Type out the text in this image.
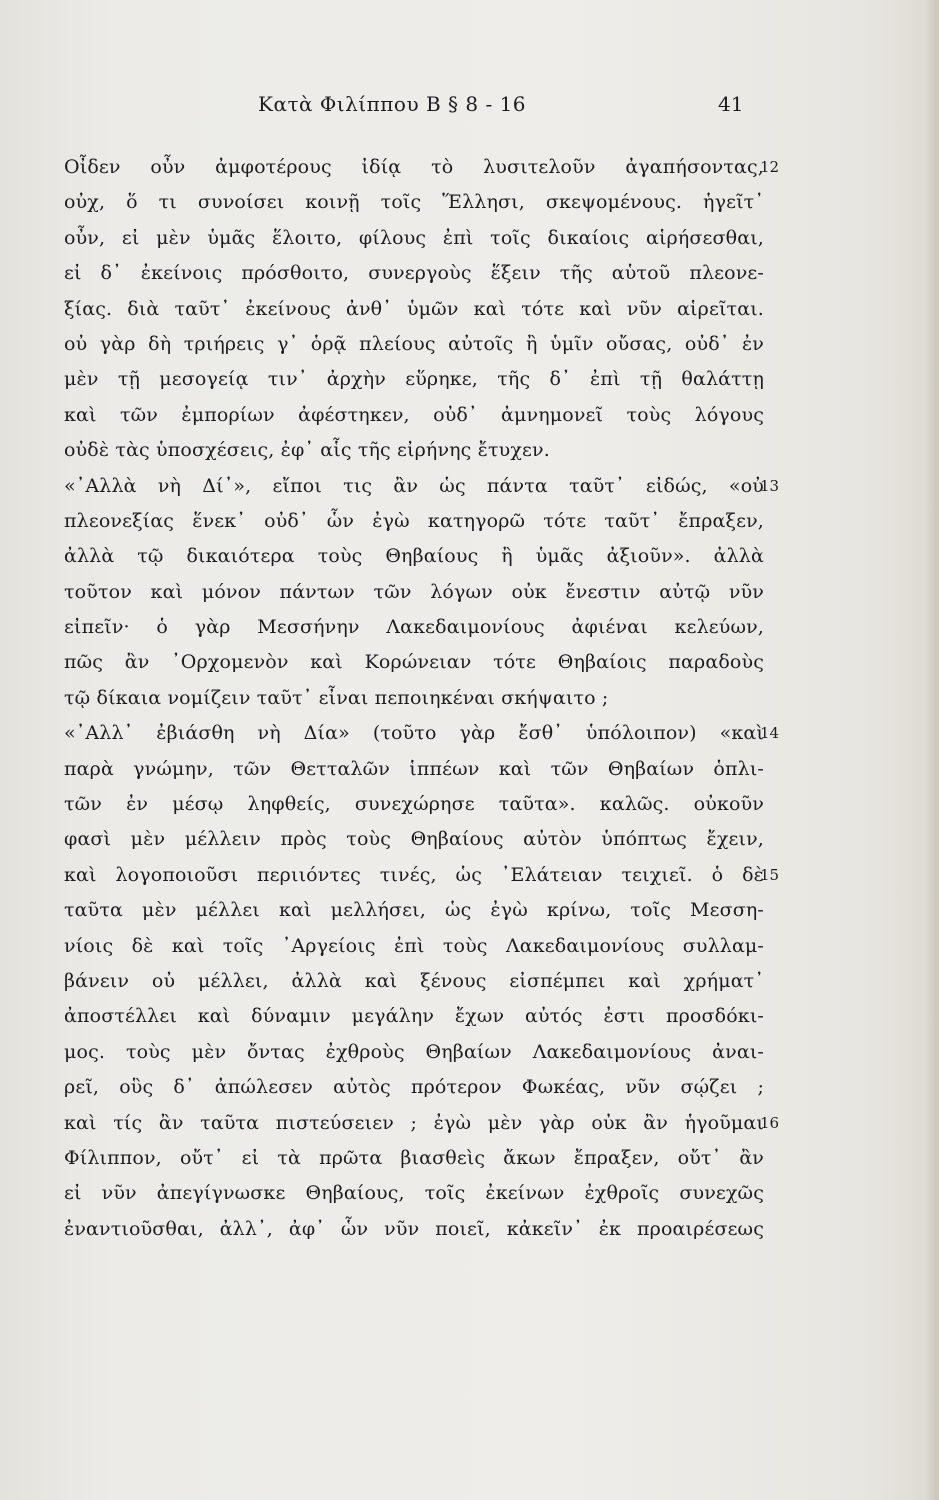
Κατὰ Φιλίππου Β § 8 - 16	41
Οἶδεν οὖν ἀμφοτέρους ἰδίᾳ τὸ λυσιτελοῦν ἀγαπήσοντας,
οὐχ, ὅ τι συνοίσει κοινῇ τοῖς Ἕλλησι, σκεψομένους. ἡγεῖτ᾽
οὖν, εἰ μὲν ὑμᾶς ἕλοιτο, φίλους ἐπὶ τοῖς δικαίοις αἱρήσεσθαι,
εἰ δ᾽ ἐκείνοις πρόσθοιτο, συνεργοὺς ἕξειν τῆς αὑτοῦ πλεονε-
ξίας. διὰ ταῦτ᾽ ἐκείνους ἀνθ᾽ ὑμῶν καὶ τότε καὶ νῦν αἱρεῖται.
οὐ γὰρ δὴ τριήρεις γ᾽ ὁρᾷ πλείους αὐτοῖς ἢ ὑμῖν οὔσας, οὐδ᾽ ἐν
μὲν τῇ μεσογείᾳ τιν᾽ ἀρχὴν εὕρηκε, τῆς δ᾽ ἐπὶ τῇ θαλάττῃ
καὶ τῶν ἐμπορίων ἀφέστηκεν, οὐδ᾽ ἀμνημονεῖ τοὺς λόγους
οὐδὲ τὰς ὑποσχέσεις, ἐφ᾽ αἷς τῆς εἰρήνης ἔτυχεν.
«᾽Αλλὰ νὴ Δί᾽», εἴποι τις ἂν ὡς πάντα ταῦτ᾽ εἰδώς, «οὐ
πλεονεξίας ἕνεκ᾽ οὐδ᾽ ὧν ἐγὼ κατηγορῶ τότε ταῦτ᾽ ἔπραξεν,
ἀλλὰ τῷ δικαιότερα τοὺς Θηβαίους ἢ ὑμᾶς ἀξιοῦν». ἀλλὰ
τοῦτον καὶ μόνον πάντων τῶν λόγων οὐκ ἔνεστιν αὐτῷ νῦν
εἰπεῖν· ὁ γὰρ Μεσσήνην Λακεδαιμονίους ἀφιέναι κελεύων,
πῶς ἂν ᾽Ορχομενὸν καὶ Κορώνειαν τότε Θηβαίοις παραδοὺς
τῷ δίκαια νομίζειν ταῦτ᾽ εἶναι πεποιηκέναι σκήψαιτο ;
«᾽Αλλ᾽ ἐβιάσθη νὴ Δία» (τοῦτο γὰρ ἔσθ᾽ ὑπόλοιπον) «καὶ
παρὰ γνώμην, τῶν Θετταλῶν ἱππέων καὶ τῶν Θηβαίων ὁπλι-
τῶν ἐν μέσῳ ληφθείς, συνεχώρησε ταῦτα». καλῶς. οὐκοῦν
φασὶ μὲν μέλλειν πρὸς τοὺς Θηβαίους αὐτὸν ὑπόπτως ἔχειν,
καὶ λογοποιοῦσι περιιόντες τινές, ὡς ᾽Ελάτειαν τειχιεῖ. ὁ δὲ
ταῦτα μὲν μέλλει καὶ μελλήσει, ὡς ἐγὼ κρίνω, τοῖς Μεσση-
νίοις δὲ καὶ τοῖς ᾽Αργείοις ἐπὶ τοὺς Λακεδαιμονίους συλλαμ-
βάνειν οὐ μέλλει, ἀλλὰ καὶ ξένους εἰσπέμπει καὶ χρήματ᾽
ἀποστέλλει καὶ δύναμιν μεγάλην ἔχων αὐτός ἐστι προσδόκι-
μος. τοὺς μὲν ὄντας ἐχθροὺς Θηβαίων Λακεδαιμονίους ἀναι-
ρεῖ, οὓς δ᾽ ἀπώλεσεν αὐτὸς πρότερον Φωκέας, νῦν σῴζει ;
καὶ τίς ἂν ταῦτα πιστεύσειεν ; ἐγὼ μὲν γὰρ οὐκ ἂν ἡγοῦμαι
Φίλιππον, οὔτ᾽ εἰ τὰ πρῶτα βιασθεὶς ἄκων ἔπραξεν, οὔτ᾽ ἂν
εἰ νῦν ἀπεγίγνωσκε Θηβαίους, τοῖς ἐκείνων ἐχθροῖς συνεχῶς
ἐναντιοῦσθαι, ἀλλ᾽, ἀφ᾽ ὧν νῦν ποιεῖ, κἀκεῖν᾽ ἐκ προαιρέσεως
12
13
14
15
16
